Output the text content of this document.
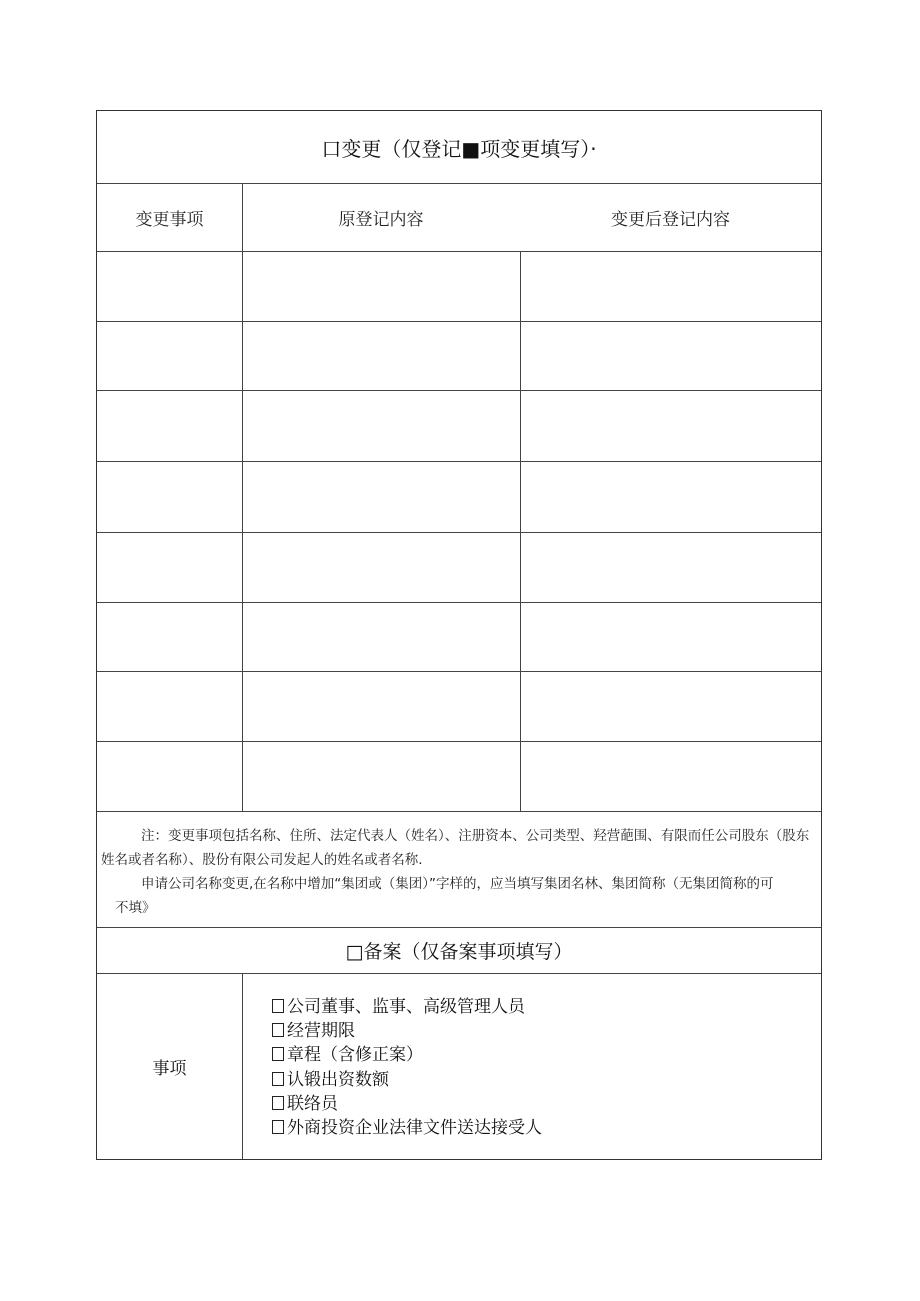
口变更（仅登记■项变更填写）·
变更事项	原登记内容	变更后登记内容

注：变更事项包括名称、住所、法定代表人（姓名）、注册资本、公司类型、羟营葩围、有限而任公司股东（股东姓名或者名称）、股份有限公司发起人的姓名或者名称.

申请公司名称变更,在名称中增加“集团或（集团）”字样的，应当填写集团名林、集团简称（无集团简称的可
不填》

□备案（仅备案事项填写）
事项
公司董事、监事、高级管理人员
经营期限
章程（含修正案）
认锻出资数额
联络员
外商投资企业法律文件送达接受人
